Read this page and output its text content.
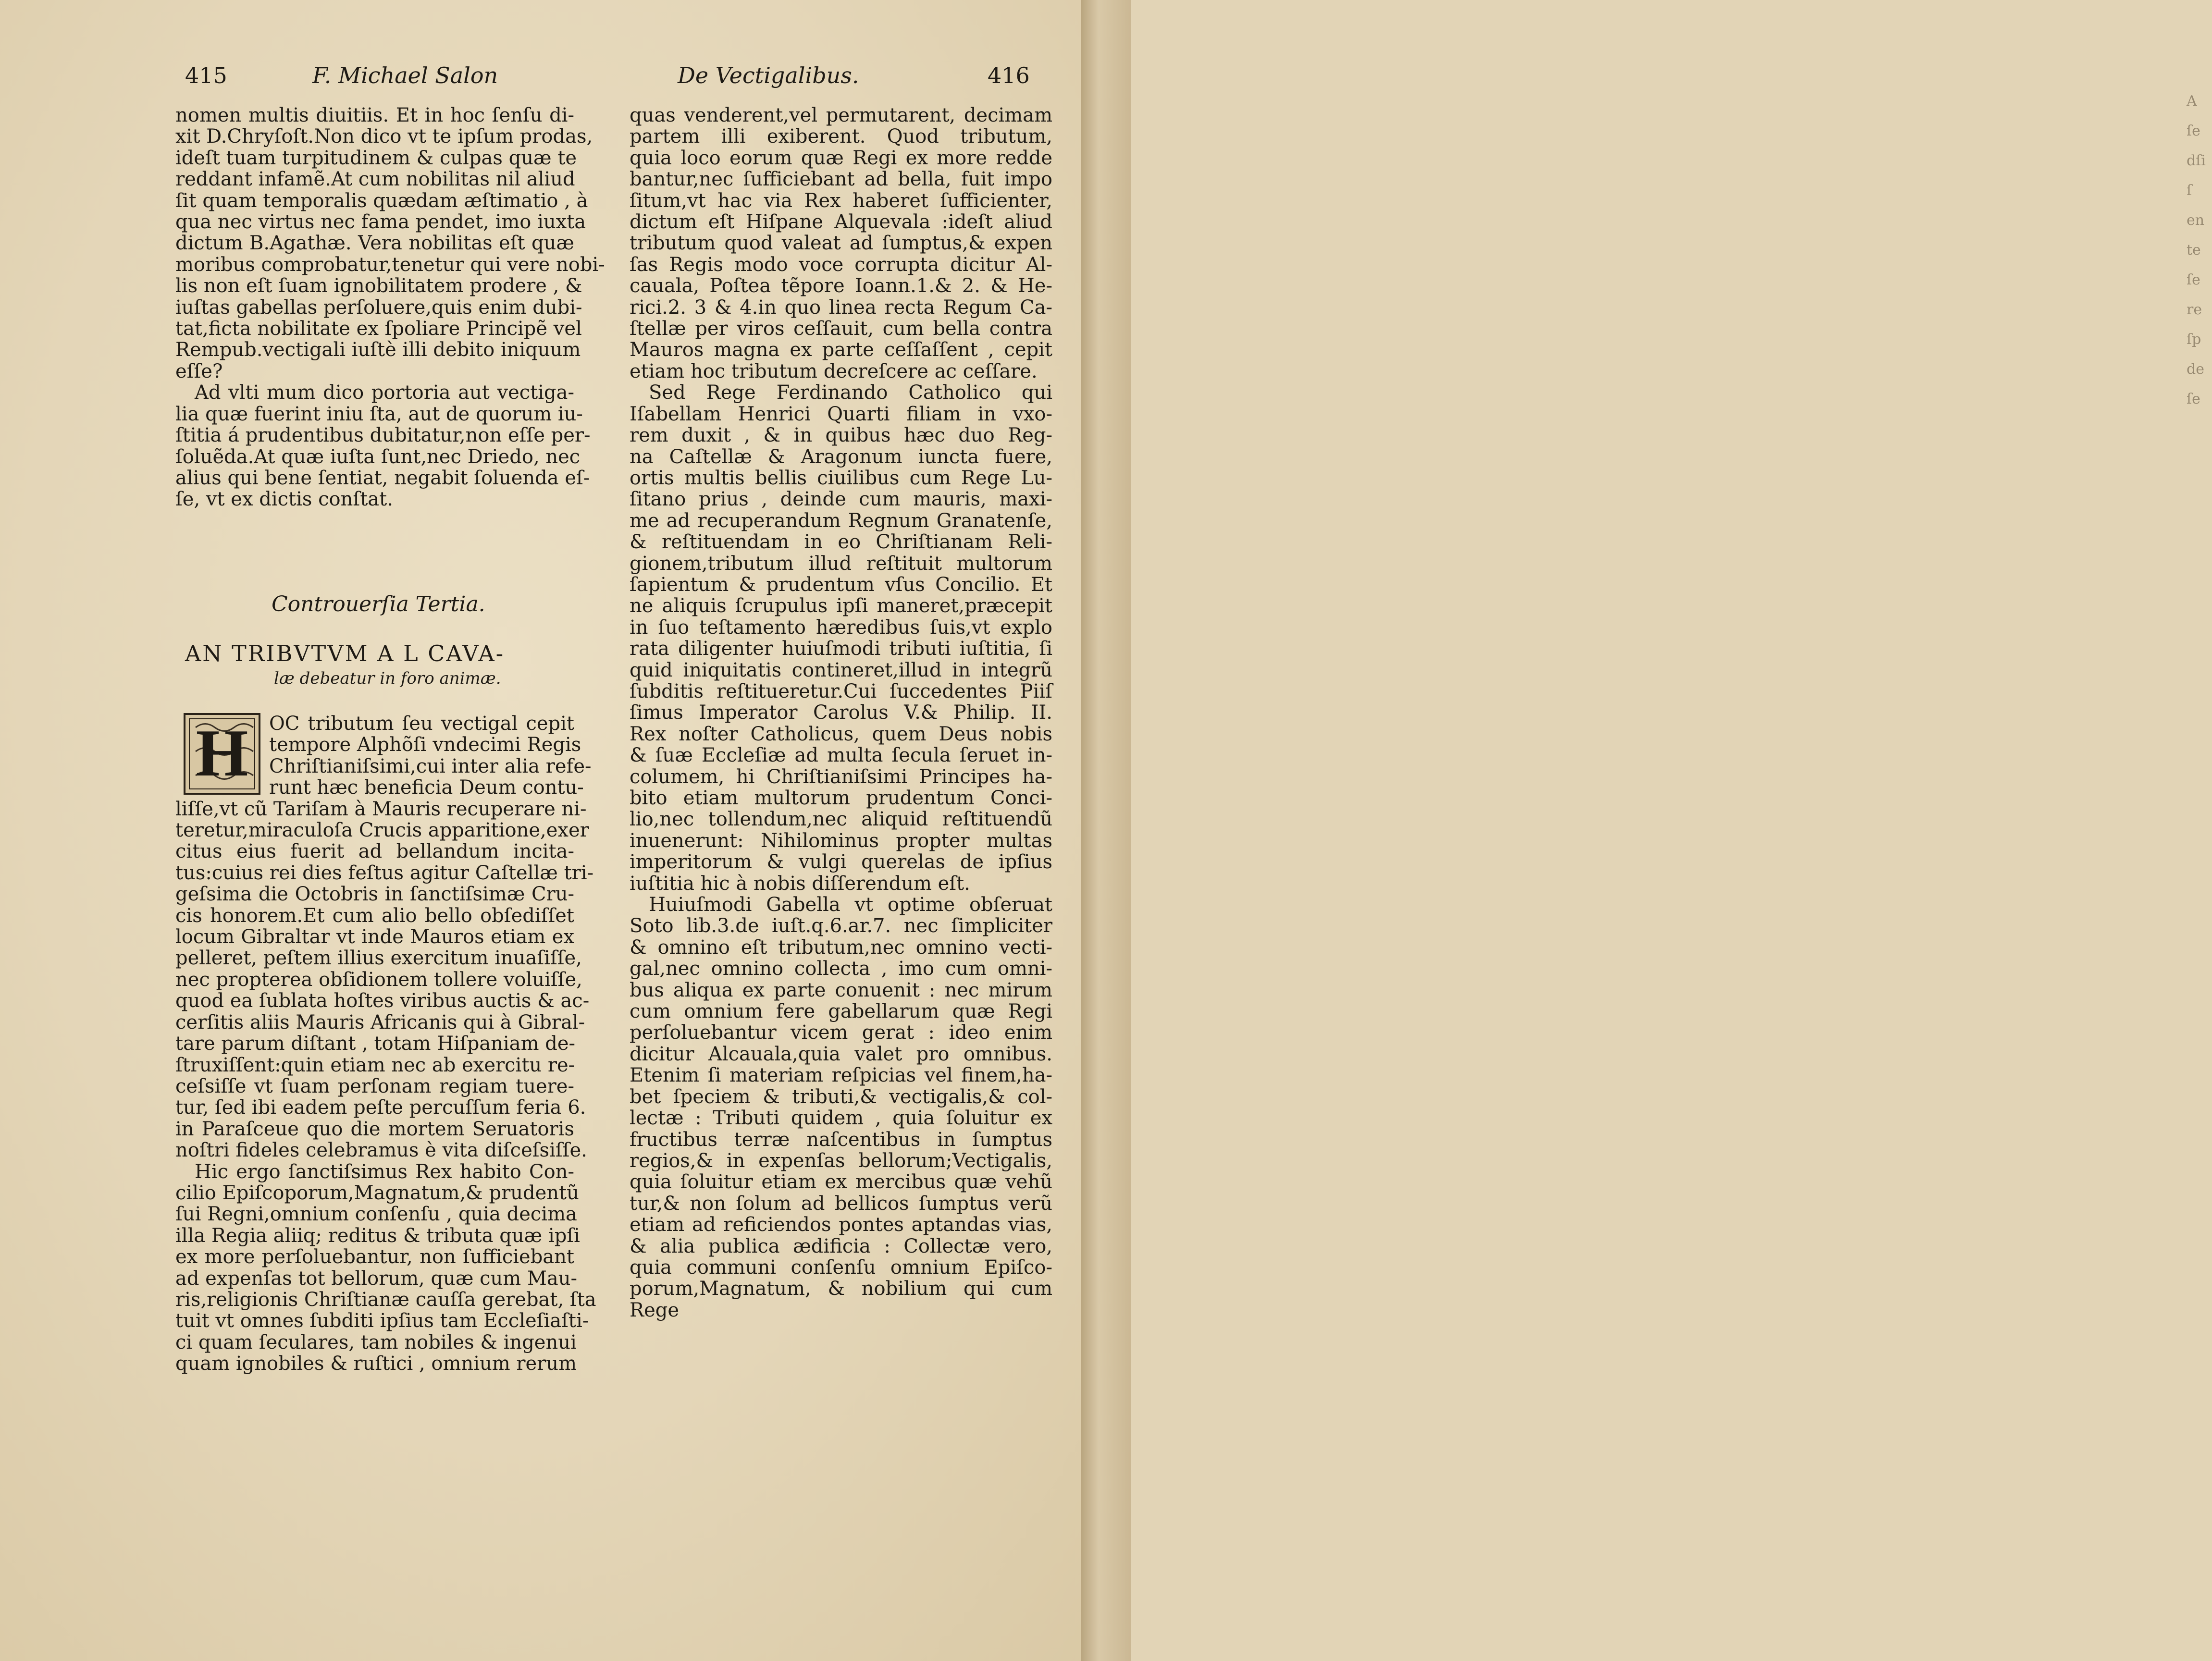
A
ſe
dſi
ſ
en
te
ſe
re
ſp
de
ſe
415	F. Michael Salon	De Vectigalibus.	416
nomen multis diuitiis. Et in hoc ſenſu di-
xit D.Chryſoſt.Non dico vt te ipſum prodas,
ideſt tuam turpitudinem & culpas quæ te
reddant infamẽ.At cum nobilitas nil aliud
ſit quam temporalis quædam æſtimatio , à
qua nec virtus nec fama pendet, imo iuxta
dictum B.Agathæ. Vera nobilitas eſt quæ
moribus comprobatur,tenetur qui vere nobi-
lis non eſt ſuam ignobilitatem prodere , &
iuſtas gabellas perſoluere,quis enim dubi-
tat,ficta nobilitate ex ſpoliare Principẽ vel
Rempub.vectigali iuſtè illi debito iniquum
eſſe?
Ad vlti mum dico portoria aut vectiga-
lia quæ fuerint iniu ſta, aut de quorum iu-
ſtitia á prudentibus dubitatur,non eſſe per-
ſoluẽda.At quæ iuſta ſunt,nec Driedo, nec
alius qui bene ſentiat, negabit ſoluenda eſ-
ſe, vt ex dictis conſtat.
Controuerſia Tertia.
AN TRIBVTVM A L CAVA-
læ debeatur in foro animæ.
H	OC tributum ſeu vectigal cepit
tempore Alphõſi vndecimi Regis
Chriſtianiſsimi,cui inter alia refe-
runt hæc beneficia Deum contu-
liſſe,vt cũ Tariſam à Mauris recuperare ni-
teretur,miraculoſa Crucis apparitione,exer
citus eius fuerit ad bellandum incita-
tus:cuius rei dies feſtus agitur Caſtellæ tri-
geſsima die Octobris in ſanctiſsimæ Cru-
cis honorem.Et cum alio bello obſediſſet
locum Gibraltar vt inde Mauros etiam ex
pelleret, peſtem illius exercitum inuaſiſſe,
nec propterea obſidionem tollere voluiſſe,
quod ea ſublata hoſtes viribus auctis & ac-
cerſitis aliis Mauris Africanis qui à Gibral-
tare parum diſtant , totam Hiſpaniam de-
ſtruxiſſent:quin etiam nec ab exercitu re-
ceſsiſſe vt ſuam perſonam regiam tuere-
tur, ſed ibi eadem peſte percuſſum feria 6.
in Paraſceue quo die mortem Seruatoris
noſtri fideles celebramus è vita diſceſsiſſe.
Hic ergo ſanctiſsimus Rex habito Con-
cilio Epiſcoporum,Magnatum,& prudentũ
ſui Regni,omnium conſenſu , quia decima
illa Regia aliiq; reditus & tributa quæ ipſi
ex more perſoluebantur, non ſufficiebant
ad expenſas tot bellorum, quæ cum Mau-
ris,religionis Chriſtianæ cauſſa gerebat, ſta
tuit vt omnes ſubditi ipſius tam Eccleſiaſti-
ci quam ſeculares, tam nobiles & ingenui
quam ignobiles & ruſtici , omnium rerum
quas venderent,vel permutarent, decimam
partem illi exiberent. Quod tributum,
quia loco eorum quæ Regi ex more redde
bantur,nec ſufficiebant ad bella, fuit impo
ſitum,vt hac via Rex haberet ſufficienter,
dictum eſt Hiſpane Alquevala :ideſt aliud
tributum quod valeat ad ſumptus,& expen
ſas Regis modo voce corrupta dicitur Al-
cauala, Poſtea tẽpore Ioann.1.& 2. & He-
rici.2. 3 & 4.in quo linea recta Regum Ca-
ſtellæ per viros ceſſauit, cum bella contra
Mauros magna ex parte ceſſaſſent , cepit
etiam hoc tributum decreſcere ac ceſſare.
Sed Rege Ferdinando Catholico qui
Iſabellam Henrici Quarti filiam in vxo-
rem duxit , & in quibus hæc duo Reg-
na Caſtellæ & Aragonum iuncta fuere,
ortis multis bellis ciuilibus cum Rege Lu-
ſitano prius , deinde cum mauris, maxi-
me ad recuperandum Regnum Granatenſe,
& reſtituendam in eo Chriſtianam Reli-
gionem,tributum illud reſtituit multorum
ſapientum & prudentum vſus Concilio. Et
ne aliquis ſcrupulus ipſi maneret,præcepit
in ſuo teſtamento hæredibus ſuis,vt explo
rata diligenter huiuſmodi tributi iuſtitia, ſi
quid iniquitatis contineret,illud in integrũ
ſubditis reſtitueretur.Cui ſuccedentes Piiſ
ſimus Imperator Carolus V.& Philip. II.
Rex noſter Catholicus, quem Deus nobis
& ſuæ Eccleſiæ ad multa ſecula ſeruet in-
columem, hi Chriſtianiſsimi Principes ha-
bito etiam multorum prudentum Conci-
lio,nec tollendum,nec aliquid reſtituendũ
inuenerunt: Nihilominus propter multas
imperitorum & vulgi querelas de ipſius
iuſtitia hic à nobis diſſerendum eſt.
Huiuſmodi Gabella vt optime obſeruat
Soto lib.3.de iuſt.q.6.ar.7. nec ſimpliciter
& omnino eſt tributum,nec omnino vecti-
gal,nec omnino collecta , imo cum omni-
bus aliqua ex parte conuenit : nec mirum
cum omnium fere gabellarum quæ Regi
perſoluebantur vicem gerat : ideo enim
dicitur Alcauala,quia valet pro omnibus.
Etenim ſi materiam reſpicias vel finem,ha-
bet ſpeciem & tributi,& vectigalis,& col-
lectæ : Tributi quidem , quia ſoluitur ex
fructibus terræ naſcentibus in ſumptus
regios,& in expenſas bellorum;Vectigalis,
quia ſoluitur etiam ex mercibus quæ vehũ
tur,& non ſolum ad bellicos ſumptus verũ
etiam ad reficiendos pontes aptandas vias,
& alia publica ædificia : Collectæ vero,
quia communi conſenſu omnium Epiſco-
porum,Magnatum, & nobilium qui cum
Rege
